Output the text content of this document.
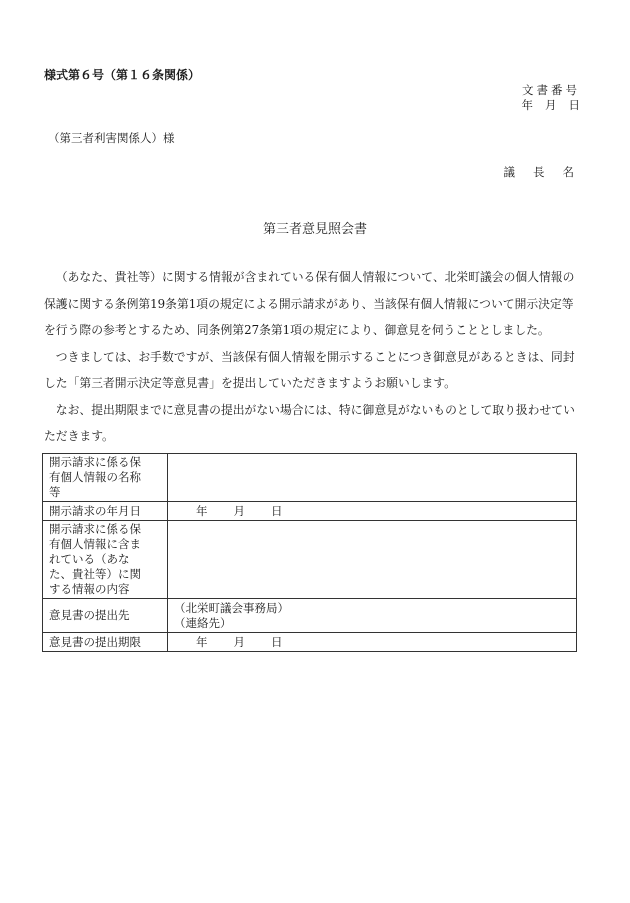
様式第６号（第１６条関係）
文書番号
年 月 日
（第三者利害関係人）様
議 長 名
第三者意見照会書

（あなた、貴社等）に関する情報が含まれている保有個人情報について、北栄町議会の個人情報の保護に関する条例第19条第1項の規定による開示請求があり、当該保有個人情報について開示決定等を行う際の参考とするため、同条例第27条第1項の規定により、御意見を伺うこととしました。

つきましては、お手数ですが、当該保有個人情報を開示することにつき御意見があるときは、同封した「第三者開示決定等意見書」を提出していただきますようお願いします。

なお、提出期限までに意見書の提出がない場合には、特に御意見がないものとして取り扱わせていただきます。

開示請求に係る保有個人情報の名称等	
開示請求の年月日	年 月 日
開示請求に係る保有個人情報に含まれている（あなた、貴社等）に関する情報の内容	
意見書の提出先	（北栄町議会事務局）
（連絡先）

意見書の提出期限	年 月 日
